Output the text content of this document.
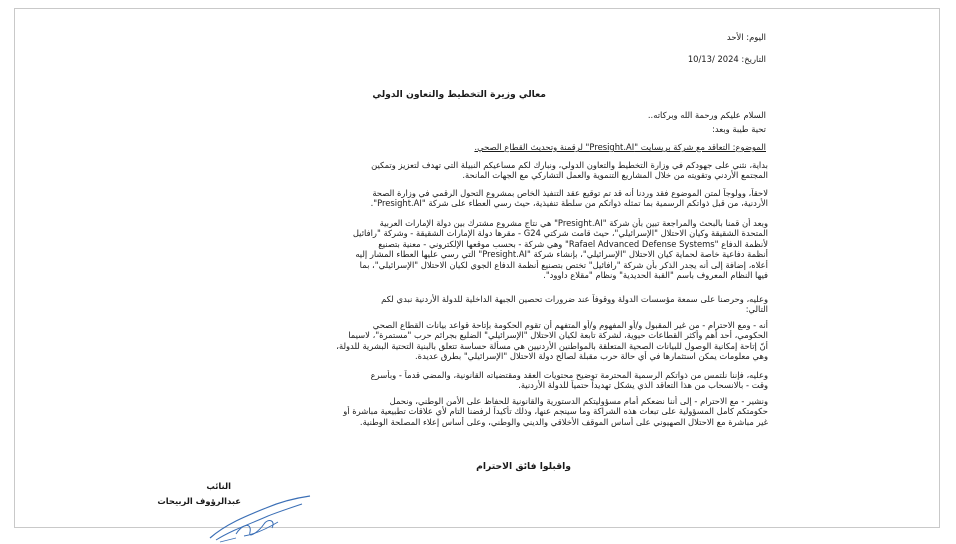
اليوم: الأحد
التاريخ: 2024 /10/13
معالي وزيرة التخطيط والتعاون الدولي
السلام عليكم ورحمة الله وبركاته..
تحية طيبة وبعد:
الموضوع: التعاقد مع شركة بريسايت "Presight.AI" لرقمنة وتحديث القطاع الصحي.
بداية، نثني على جهودكم في وزارة التخطيط والتعاون الدولي، ونبارك لكم مساعيكم النبيلة التي تهدف لتعزيز وتمكين
المجتمع الأردني وتقويته من خلال المشاريع التنموية والعمل التشاركي مع الجهات المانحة.
لاحقاً، وولوجاً لمتن الموضوع فقد وردنا أنه قد تم توقيع عقد التنفيذ الخاص بمشروع التحول الرقمي في وزارة الصحة
الأردنية، من قبل ذواتكم الرسمية بما تمثله ذواتكم من سلطة تنفيذية، حيث رسي العطاء على شركة "Presight.AI".
وبعد أن قمنا بالبحث والمراجعة تبين بأن شركة "Presight.AI" هي نتاج مشروع مشترك بين دولة الإمارات العربية
المتحدة الشقيقة وكيان الاحتلال "الإسرائيلي"، حيث قامت شركتي G24 - مقرها دولة الإمارات الشقيقة - وشركة "رافائيل
لأنظمة الدفاع "Rafael Advanced Defense Systems" وهي شركة - بحسب موقعها الإلكتروني - معنية بتصنيع
أنظمة دفاعية خاصة لحماية كيان الاحتلال "الإسرائيلي"، بإنشاء شركة "Presight.AI" التي رسي عليها العطاء المشار إليه
أعلاه، إضافة إلى أنه يجدر الذكر بأن شركة "رافائيل" تختص بتصنيع أنظمة الدفاع الجوي لكيان الاحتلال "الإسرائيلي"، بما
فيها النظام المعروف باسم "القبة الحديدية" ونظام "مقلاع داوود".
وعليه، وحرصنا على سمعة مؤسسات الدولة ووقوفاً عند ضرورات تحصين الجبهة الداخلية للدولة الأردنية نبدي لكم
التالي:
أنه - ومع الاحترام - من غير المقبول و/أو المفهوم و/أو المتفهم أن تقوم الحكومة بإتاحة قواعد بيانات القطاع الصحي
الحكومي، أحد أهم وأكثر القطاعات حيوية، لشركة تابعة لكيان الاحتلال "الإسرائيلي" الضليع بجرائم حرب "مستمرة"، لاسيما
أنّ إتاحة إمكانية الوصول للبيانات الصحية المتعلقة بالمواطنين الأردنيين هي مسألة حساسة تتعلق بالبنية التحتية البشرية للدولة،
وهي معلومات يمكن استثمارها في أي حالة حرب مقبلة لصالح دولة الاحتلال "الإسرائيلي" بطرق عديدة.
وعليه، فإننا نلتمس من ذواتكم الرسمية المحترمة توضيح محتويات العقد ومقتضياته القانونية، والمضي قدماً - وبأسرع
وقت - بالانسحاب من هذا التعاقد الذي يشكل تهديداً حتمياً للدولة الأردنية.
ونشير - مع الاحترام - إلى أننا نضعكم أمام مسؤوليتكم الدستورية والقانونية للحفاظ على الأمن الوطني، ونحمل
حكومتكم كامل المسؤولية على تبعات هذه الشراكة وما سينجم عنها، وذلك تأكيداً لرفضنا التام لأي علاقات تطبيعية مباشرة أو
غير مباشرة مع الاحتلال الصهيوني على أساس الموقف الأخلاقي والديني والوطني، وعلى أساس إعلاء المصلحة الوطنية.
واقبلوا فائق الاحترام
النائب
عبدالرؤوف الربيحات
